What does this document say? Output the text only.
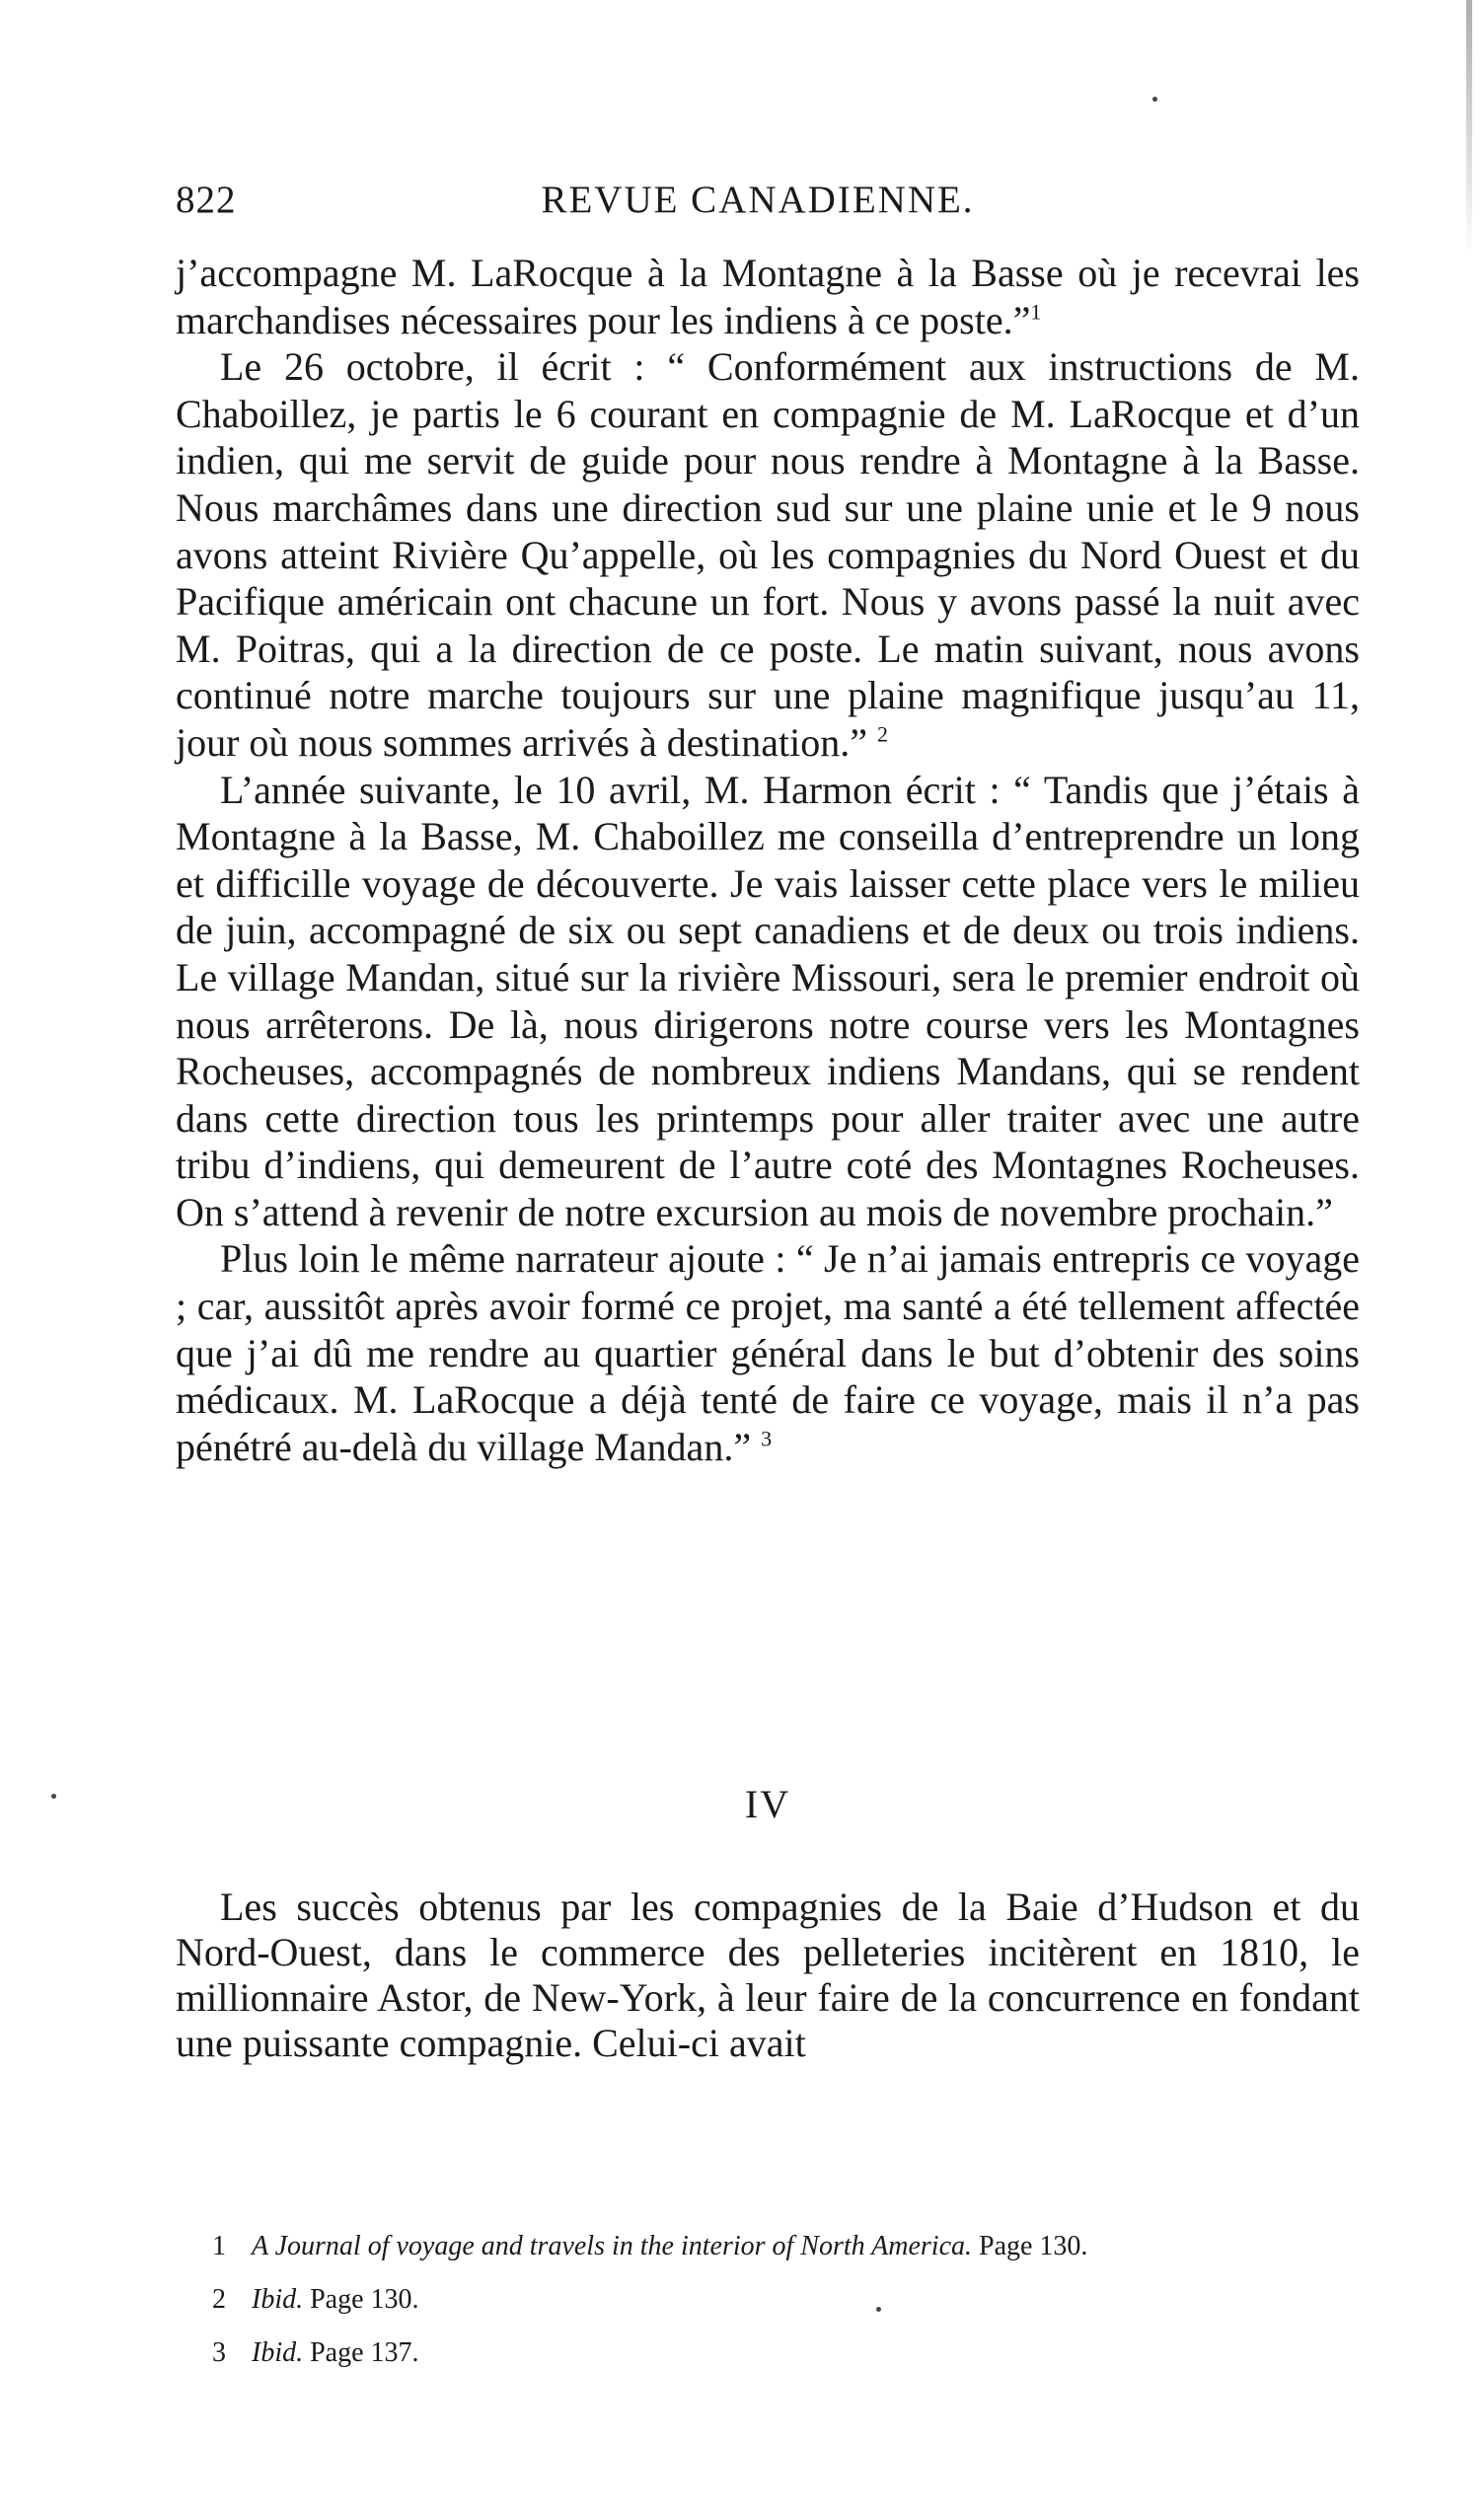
822	REVUE CANADIENNE.

j’accompagne M. LaRocque à la Montagne à la Basse où je recevrai les marchandises nécessaires pour les indiens à ce poste.”$^1$

Le 26 octobre, il écrit : “ Conformément aux instructions de M. Chaboillez, je partis le 6 courant en compagnie de M. LaRocque et d’un indien, qui me servit de guide pour nous rendre à Montagne à la Basse. Nous marchâmes dans une direction sud sur une plaine unie et le 9 nous avons atteint Rivière Qu’appelle, où les compagnies du Nord Ouest et du Pacifique américain ont chacune un fort. Nous y avons passé la nuit avec M. Poitras, qui a la direction de ce poste. Le matin suivant, nous avons continué notre marche toujours sur une plaine magnifique jusqu’au 11, jour où nous sommes arrivés à destination.” $^2$

L’année suivante, le 10 avril, M. Harmon écrit : “ Tandis que j’étais à Montagne à la Basse, M. Chaboillez me conseilla d’entreprendre un long et difficille voyage de découverte. Je vais laisser cette place vers le milieu de juin, accompagné de six ou sept canadiens et de deux ou trois indiens. Le village Mandan, situé sur la rivière Missouri, sera le premier endroit où nous arrêterons. De là, nous dirigerons notre course vers les Montagnes Rocheuses, accompagnés de nombreux indiens Mandans, qui se rendent dans cette direction tous les printemps pour aller traiter avec une autre tribu d’indiens, qui demeurent de l’autre coté des Montagnes Rocheuses. On s’attend à revenir de notre excursion au mois de novembre prochain.”

Plus loin le même narrateur ajoute : “ Je n’ai jamais entrepris ce voyage ; car, aussitôt après avoir formé ce projet, ma santé a été tellement affectée que j’ai dû me rendre au quartier général dans le but d’obtenir des soins médicaux. M. LaRocque a déjà tenté de faire ce voyage, mais il n’a pas pénétré au-delà du village Mandan.” $^3$

IV

Les succès obtenus par les compagnies de la Baie d’Hudson et du Nord-Ouest, dans le commerce des pelleteries incitèrent en 1810, le millionnaire Astor, de New-York, à leur faire de la concurrence en fondant une puissante compagnie. Celui-ci avait

1 A Journal of voyage and travels in the interior of North America. Page 130.
2 Ibid. Page 130.
3 Ibid. Page 137.
